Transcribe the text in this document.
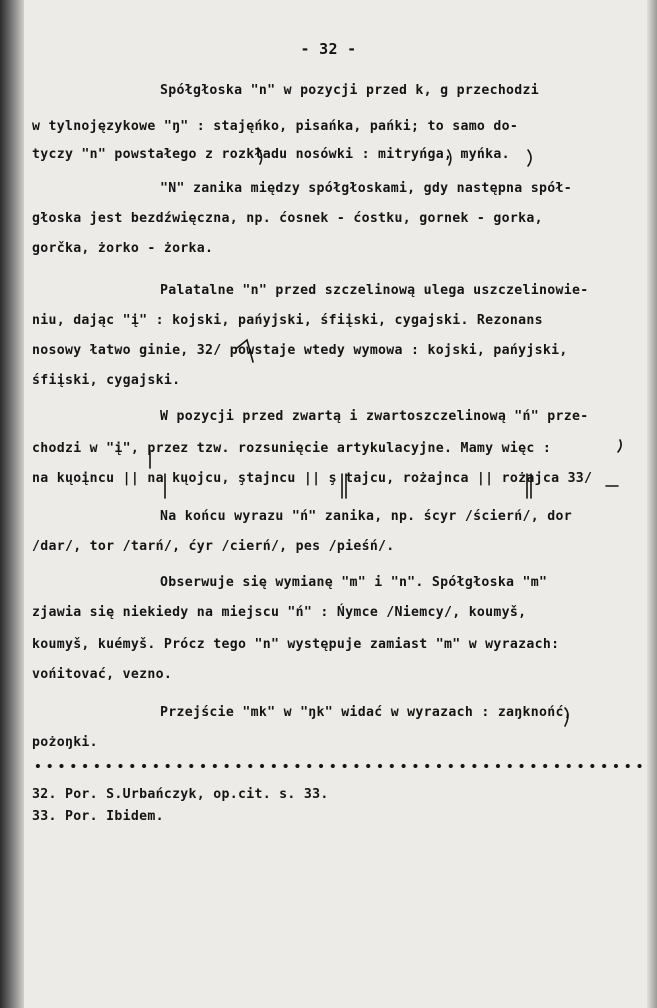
- 32 -
Spółgłoska "n" w pozycji przed k, g przechodzi
w tylnojęzykowe "ŋ" : stajęńko, pisańka, pańki; to samo do-
tyczy "n" powstałego z rozkładu nosówki : mitryńga, myńka.
"N" zanika między spółgłoskami, gdy następna spół-
głoska jest bezdźwięczna, np. ćosnek - ćostku, gornek - gorka,
gorčka, żorko - żorka.
Palatalne "n" przed szczelinową ulega uszczelinowie-
niu, dając "į" : kojski, pańyjski, śfiįski, cygajski. Rezonans
nosowy łatwo ginie, 32/ powstaje wtedy wymowa : kojski, pańyjski,
śfiįski, cygajski.
W pozycji przed zwartą i zwartoszczelinową "ń" prze-
chodzi w "į", przez tzw. rozsunięcie artykulacyjne. Mamy więc :
na kųoįncu || na kųojcu, ştajncu || ş tajcu, rożajnca || rożajca 33/
Na końcu wyrazu "ń" zanika, np. ścyr /ścierń/, dor
/dar/, tor /tarń/, ćyr /cierń/, pes /pieśń/.
Obserwuje się wymianę "m" i "n". Spółgłoska "m"
zjawia się niekiedy na miejscu "ń" : Ńymce /Niemcy/, koumyš,
koumyš, kuémyš. Prócz tego "n" występuje zamiast "m" w wyrazach:
vońitovać, vezno.
Przejście "mk" w "ŋk" widać w wyrazach : zaŋknońć,
pożoŋki.
32. Por. S.Urbańczyk, op.cit. s. 33.
33. Por. Ibidem.
